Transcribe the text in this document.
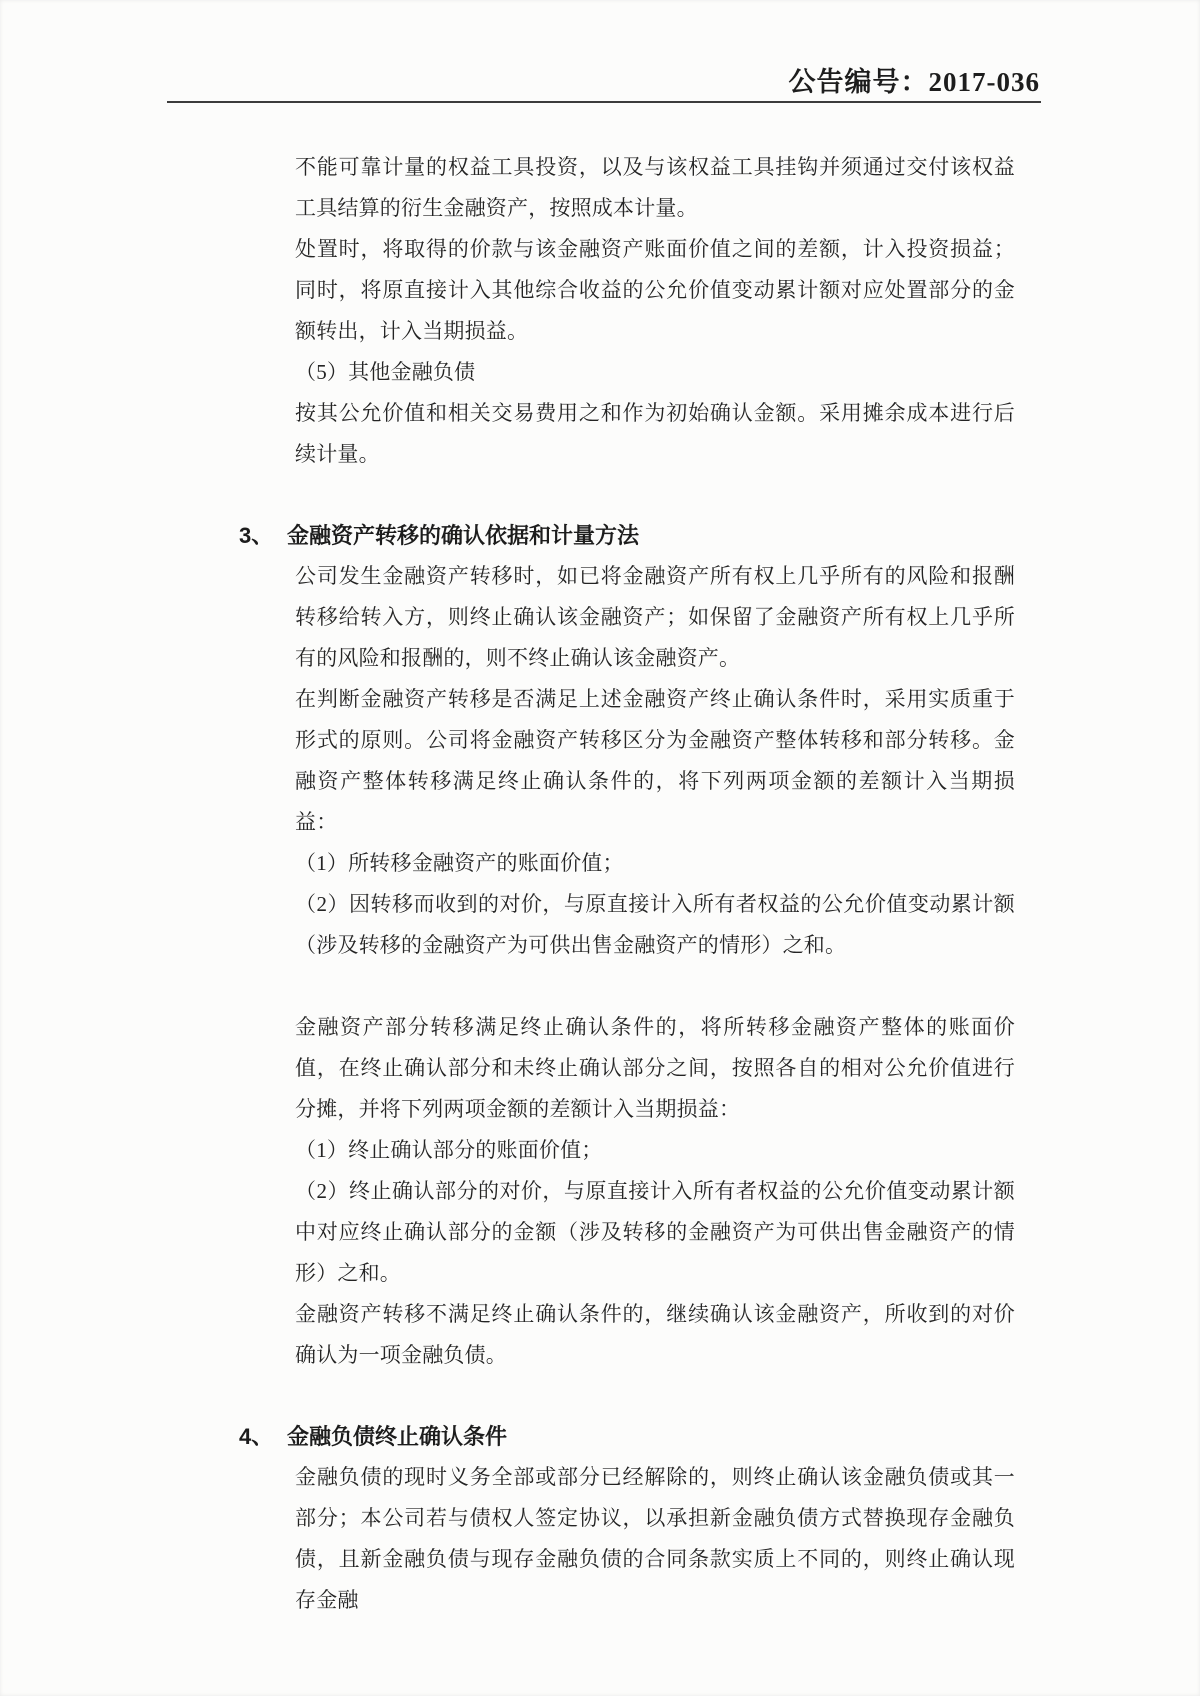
公告编号：2017-036
不能可靠计量的权益工具投资，以及与该权益工具挂钩并须通过交付该权益工具结算的衍生金融资产，按照成本计量。
处置时，将取得的价款与该金融资产账面价值之间的差额，计入投资损益；同时，将原直接计入其他综合收益的公允价值变动累计额对应处置部分的金额转出，计入当期损益。
（5）其他金融负债
按其公允价值和相关交易费用之和作为初始确认金额。采用摊余成本进行后续计量。
3、 金融资产转移的确认依据和计量方法
公司发生金融资产转移时，如已将金融资产所有权上几乎所有的风险和报酬转移给转入方，则终止确认该金融资产；如保留了金融资产所有权上几乎所有的风险和报酬的，则不终止确认该金融资产。
在判断金融资产转移是否满足上述金融资产终止确认条件时，采用实质重于形式的原则。公司将金融资产转移区分为金融资产整体转移和部分转移。金融资产整体转移满足终止确认条件的，将下列两项金额的差额计入当期损益：
（1）所转移金融资产的账面价值；
（2）因转移而收到的对价，与原直接计入所有者权益的公允价值变动累计额（涉及转移的金融资产为可供出售金融资产的情形）之和。
金融资产部分转移满足终止确认条件的，将所转移金融资产整体的账面价值，在终止确认部分和未终止确认部分之间，按照各自的相对公允价值进行分摊，并将下列两项金额的差额计入当期损益：
（1）终止确认部分的账面价值；
（2）终止确认部分的对价，与原直接计入所有者权益的公允价值变动累计额中对应终止确认部分的金额（涉及转移的金融资产为可供出售金融资产的情形）之和。
金融资产转移不满足终止确认条件的，继续确认该金融资产，所收到的对价确认为一项金融负债。
4、 金融负债终止确认条件
金融负债的现时义务全部或部分已经解除的，则终止确认该金融负债或其一部分；本公司若与债权人签定协议，以承担新金融负债方式替换现存金融负债，且新金融负债与现存金融负债的合同条款实质上不同的，则终止确认现存金融
